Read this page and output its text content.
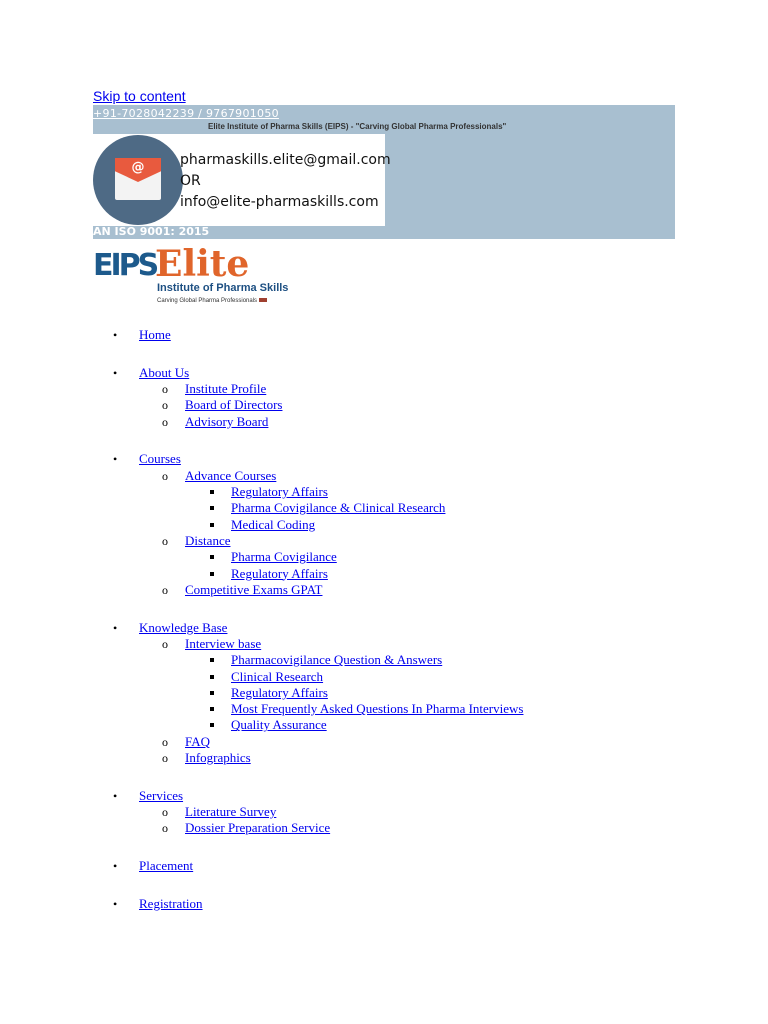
Skip to content
+91-7028042239 / 9767901050
Elite Institute of Pharma Skills (EIPS) - "Carving Global Pharma Professionals"
@	pharmaskills.elite@gmail.com
OR
info@elite-pharmaskills.com
AN ISO 9001: 2015
EIPS
Elite
Institute of Pharma Skills
Carving Global Pharma Professionals
• Home
• About Us
o Institute Profile
o Board of Directors
o Advisory Board
• Courses
o Advance Courses
Regulatory Affairs
Pharma Covigilance & Clinical Research
Medical Coding
o Distance
Pharma Covigilance
Regulatory Affairs
o Competitive Exams GPAT
• Knowledge Base
o Interview base
Pharmacovigilance Question & Answers
Clinical Research
Regulatory Affairs
Most Frequently Asked Questions In Pharma Interviews
Quality Assurance
o FAQ
o Infographics
• Services
o Literature Survey
o Dossier Preparation Service
• Placement
• Registration
